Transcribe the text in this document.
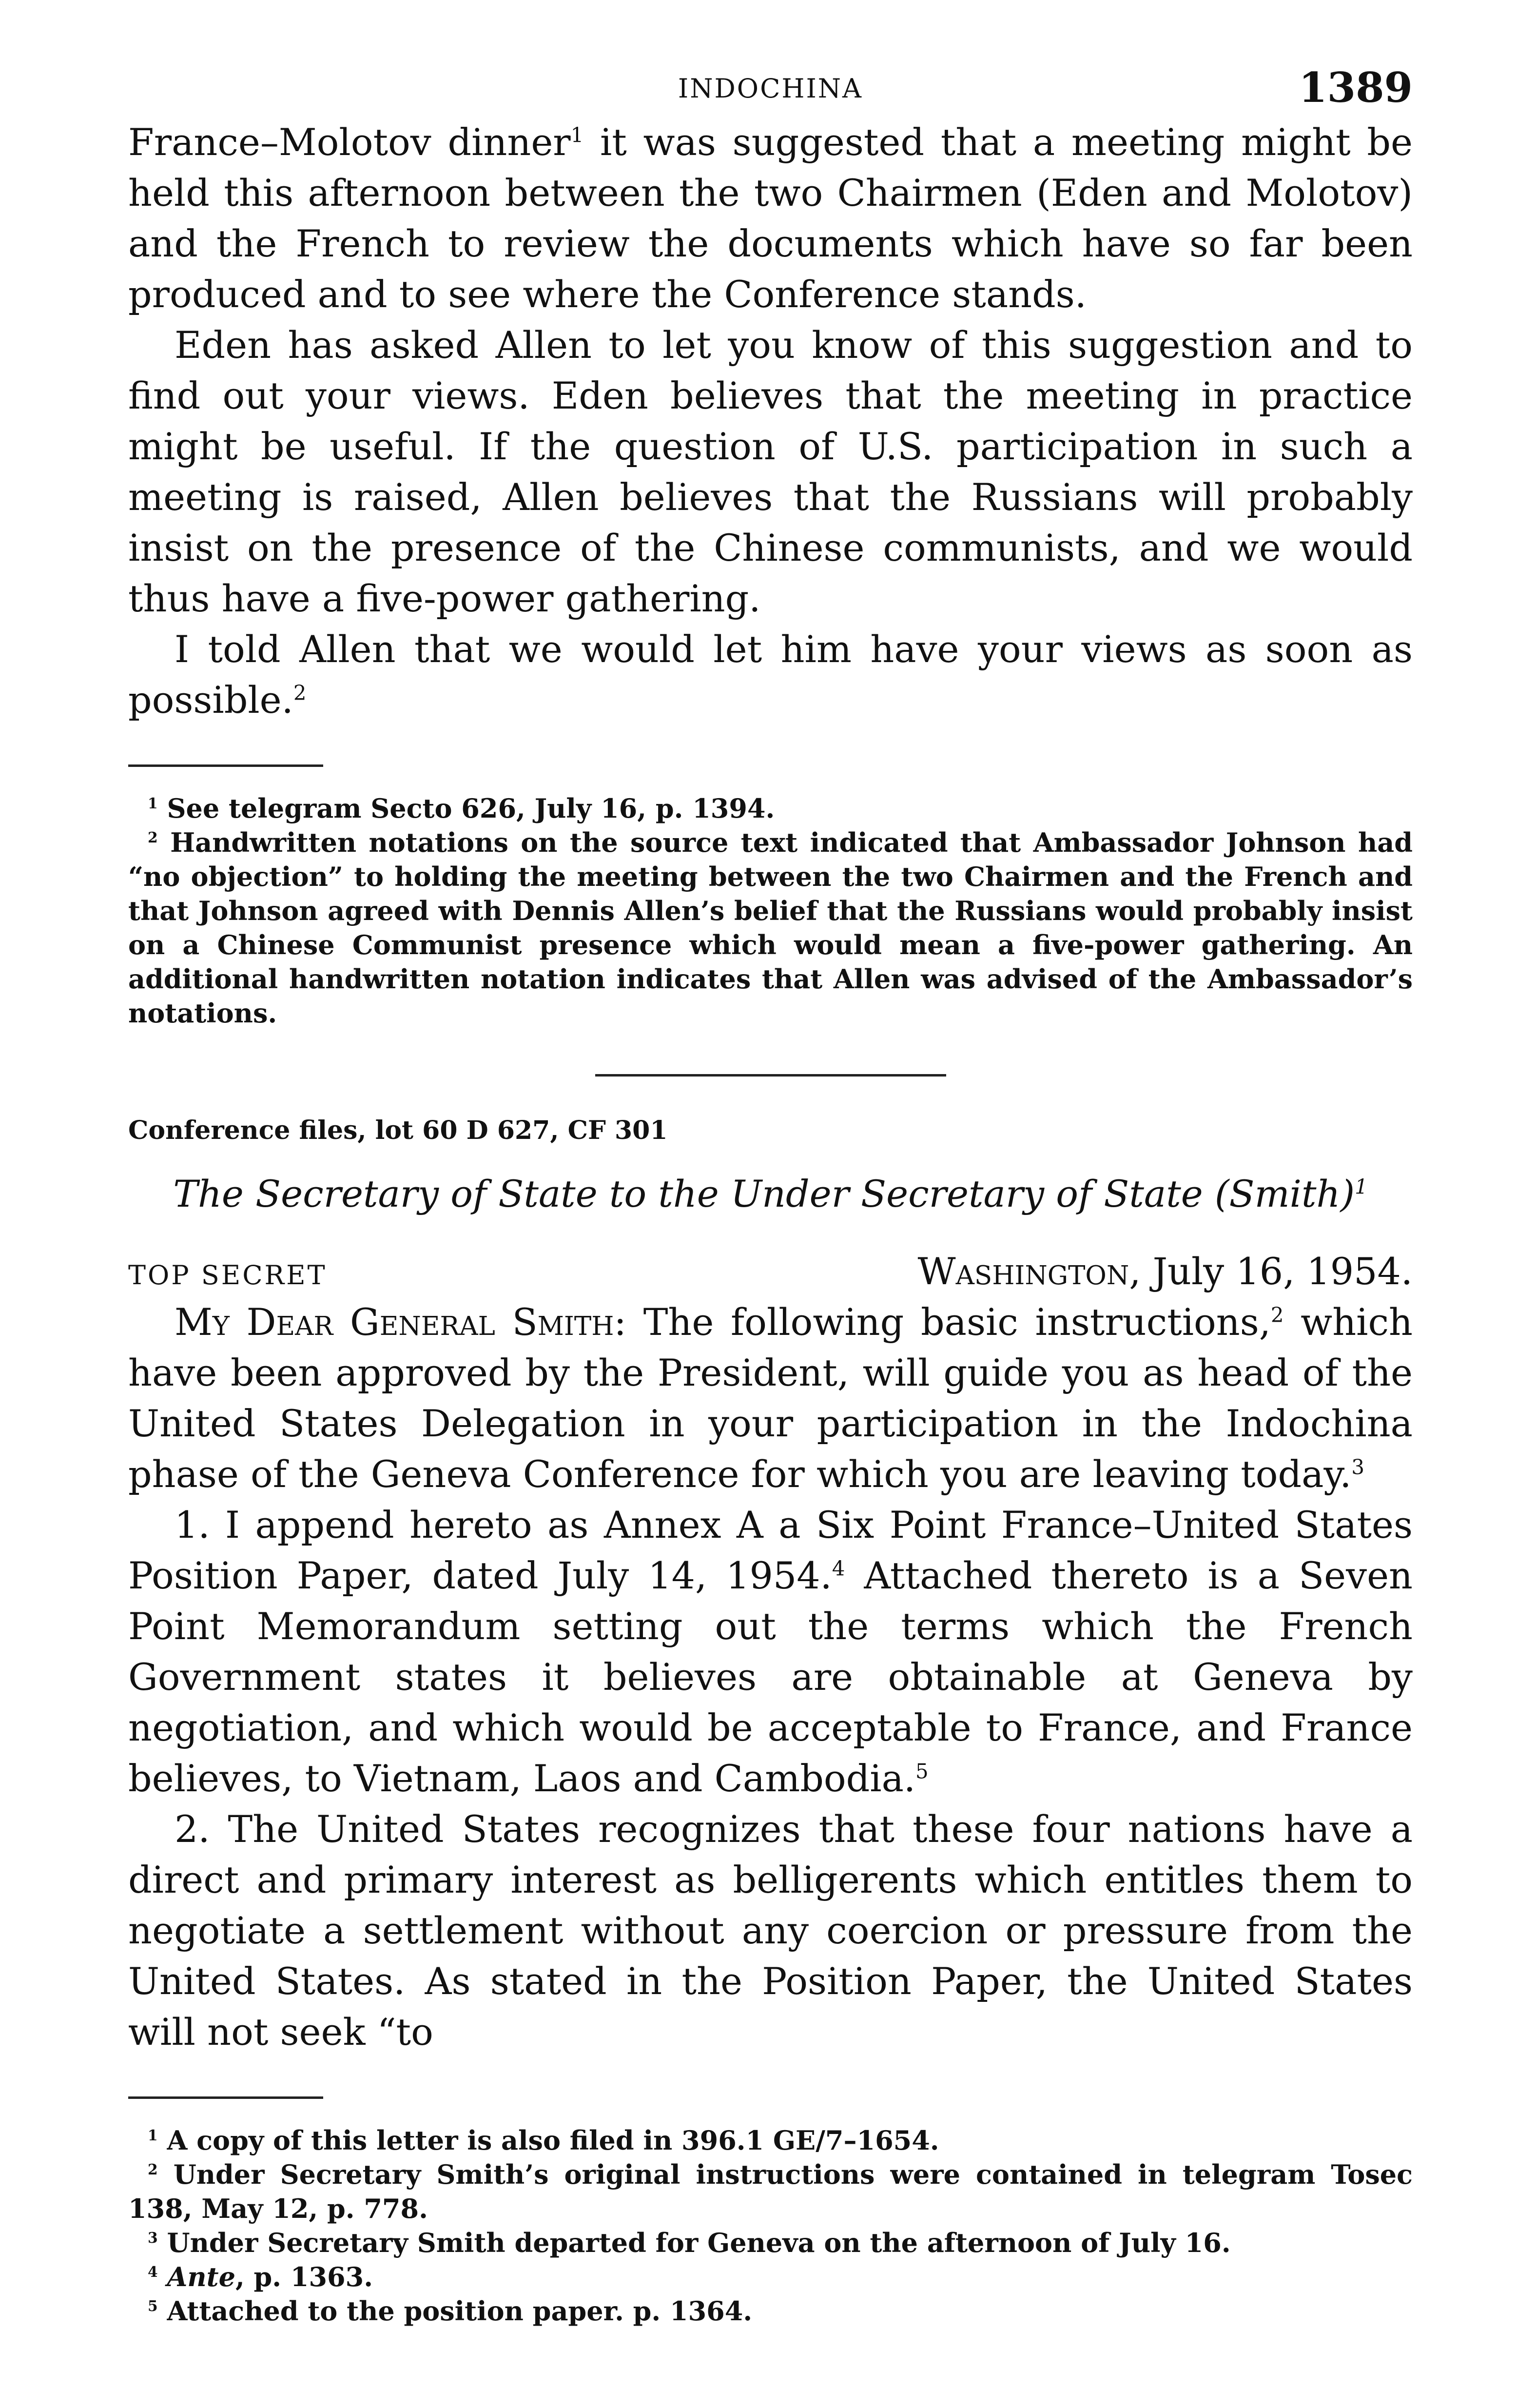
INDOCHINA	1389

France–Molotov dinner$^1$ it was suggested that a meeting might be held this afternoon between the two Chairmen (Eden and Molotov) and the French to review the documents which have so far been produced and to see where the Conference stands.

Eden has asked Allen to let you know of this suggestion and to find out your views. Eden believes that the meeting in practice might be useful. If the question of U.S. participation in such a meeting is raised, Allen believes that the Russians will probably insist on the presence of the Chinese communists, and we would thus have a five-power gathering.

I told Allen that we would let him have your views as soon as possible.$^2$

$^1$ See telegram Secto 626, July 16, p. 1394.

$^2$ Handwritten notations on the source text indicated that Ambassador Johnson had “no objection” to holding the meeting between the two Chairmen and the French and that Johnson agreed with Dennis Allen’s belief that the Russians would probably insist on a Chinese Communist presence which would mean a five-power gathering. An additional handwritten notation indicates that Allen was advised of the Ambassador’s notations.

Conference files, lot 60 D 627, CF 301

The Secretary of State to the Under Secretary of State (Smith)$^1$

TOP SECRET	Washington, July 16, 1954.

My Dear General Smith: The following basic instructions,$^2$ which have been approved by the President, will guide you as head of the United States Delegation in your participation in the Indochina phase of the Geneva Conference for which you are leaving today.$^3$

1. I append hereto as Annex A a Six Point France–United States Position Paper, dated July 14, 1954.$^4$ Attached thereto is a Seven Point Memorandum setting out the terms which the French Government states it believes are obtainable at Geneva by negotiation, and which would be acceptable to France, and France believes, to Vietnam, Laos and Cambodia.$^5$

2. The United States recognizes that these four nations have a direct and primary interest as belligerents which entitles them to negotiate a settlement without any coercion or pressure from the United States. As stated in the Position Paper, the United States will not seek “to

$^1$ A copy of this letter is also filed in 396.1 GE/7–1654.

$^2$ Under Secretary Smith’s original instructions were contained in telegram Tosec 138, May 12, p. 778.

$^3$ Under Secretary Smith departed for Geneva on the afternoon of July 16.

$^4$ Ante, p. 1363.

$^5$ Attached to the position paper. p. 1364.
